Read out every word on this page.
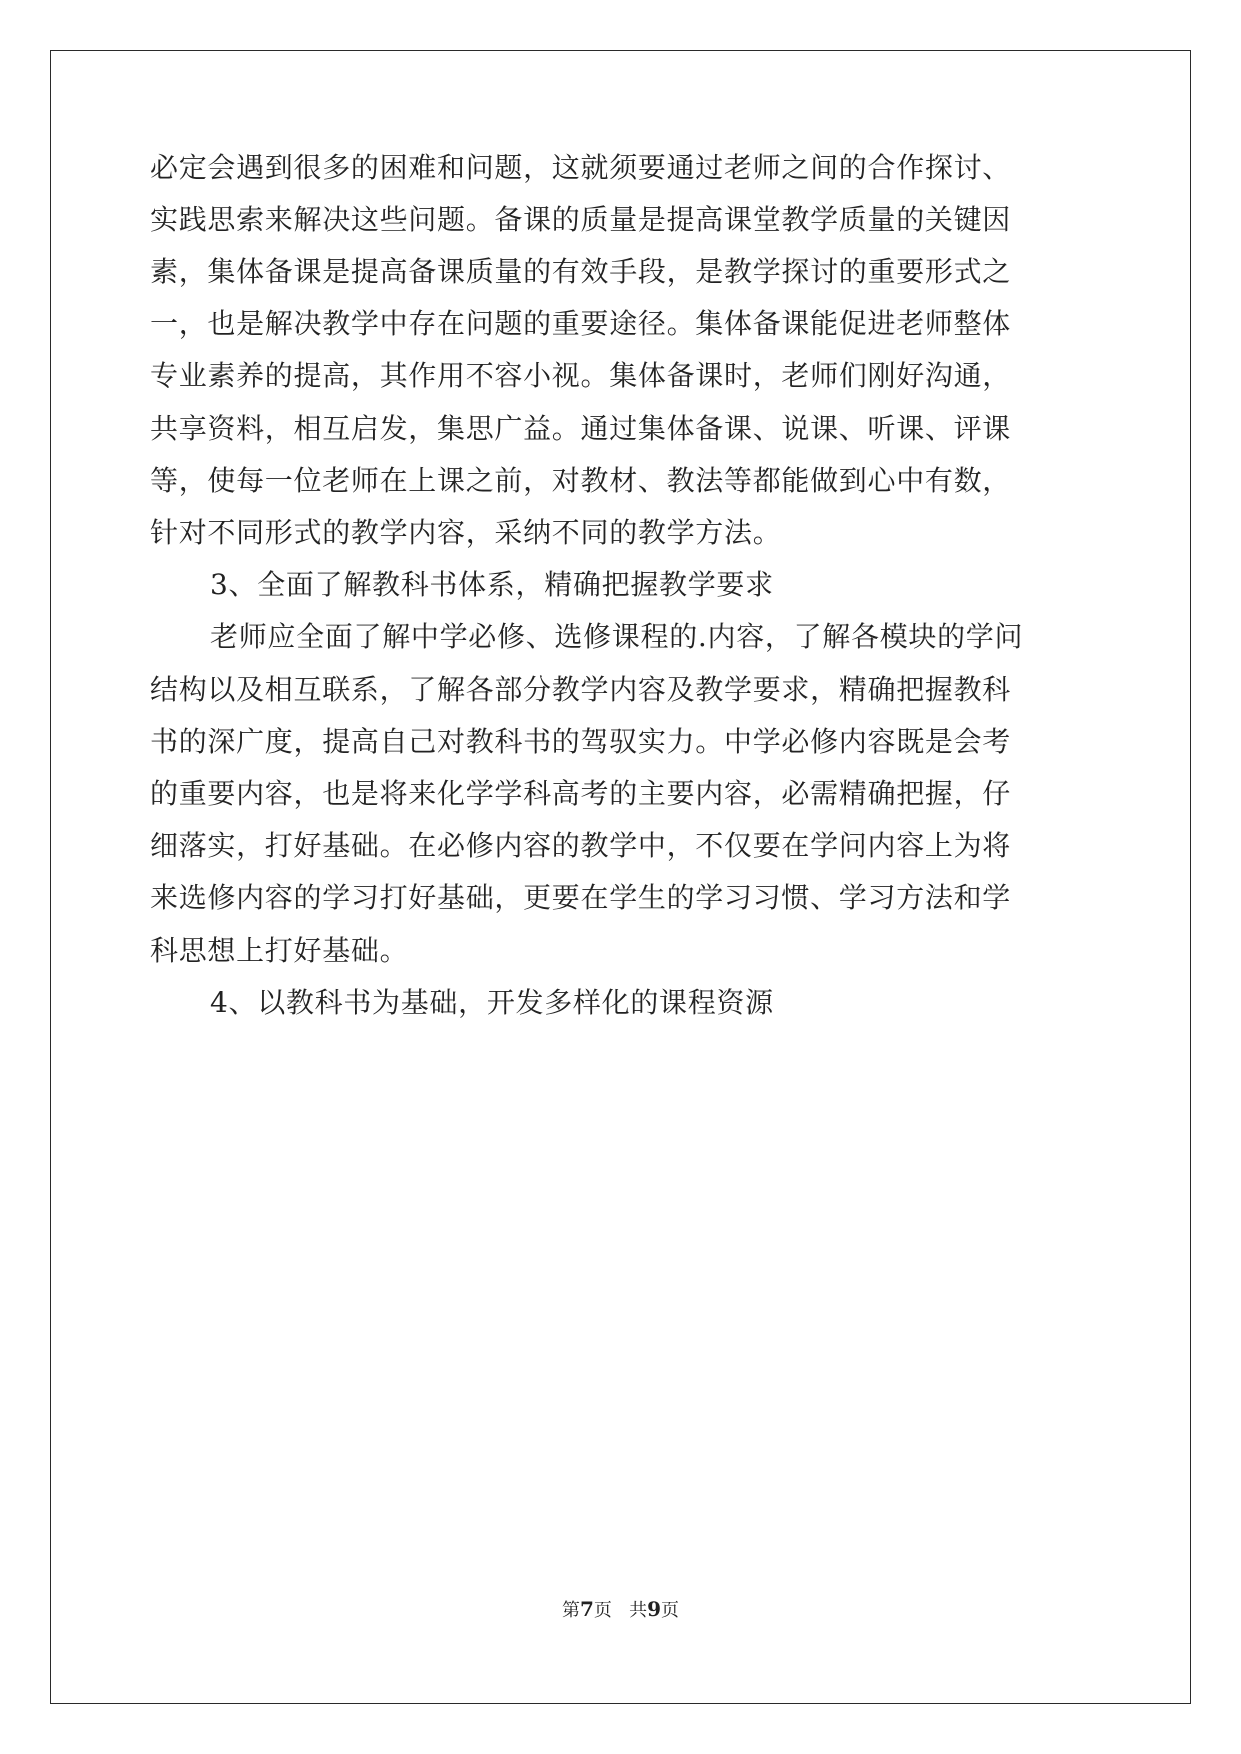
必定会遇到很多的困难和问题，这就须要通过老师之间的合作探讨、
实践思索来解决这些问题。备课的质量是提高课堂教学质量的关键因
素，集体备课是提高备课质量的有效手段，是教学探讨的重要形式之
一，也是解决教学中存在问题的重要途径。集体备课能促进老师整体
专业素养的提高，其作用不容小视。集体备课时，老师们刚好沟通，
共享资料，相互启发，集思广益。通过集体备课、说课、听课、评课
等，使每一位老师在上课之前，对教材、教法等都能做到心中有数，
针对不同形式的教学内容，采纳不同的教学方法。
3、全面了解教科书体系，精确把握教学要求
老师应全面了解中学必修、选修课程的.内容，了解各模块的学问
结构以及相互联系，了解各部分教学内容及教学要求，精确把握教科
书的深广度，提高自己对教科书的驾驭实力。中学必修内容既是会考
的重要内容，也是将来化学学科高考的主要内容，必需精确把握，仔
细落实，打好基础。在必修内容的教学中，不仅要在学问内容上为将
来选修内容的学习打好基础，更要在学生的学习习惯、学习方法和学
科思想上打好基础。
4、以教科书为基础，开发多样化的课程资源
第7页 共9页
